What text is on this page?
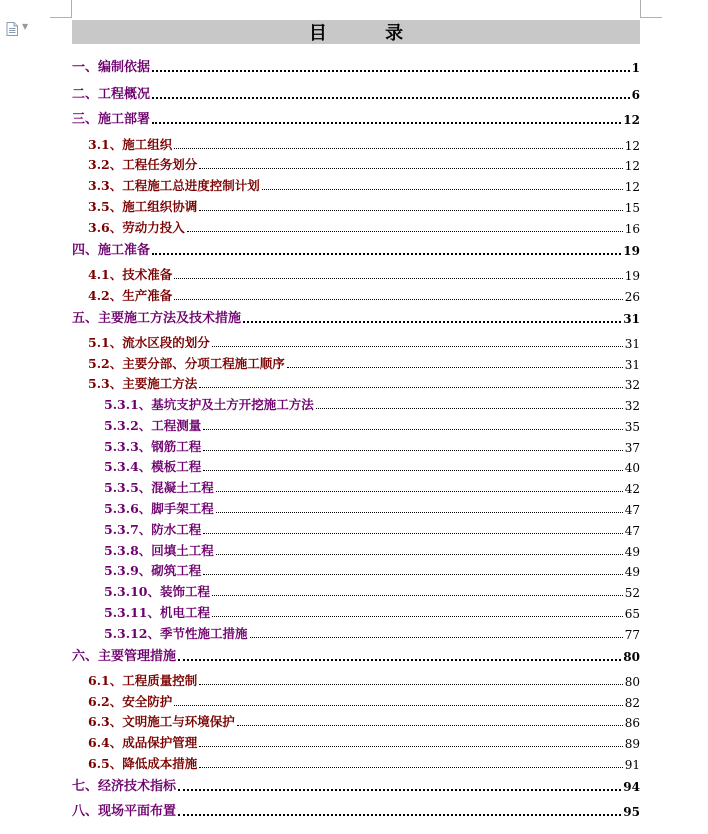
▼	目 录
一、编制依据	1
二、工程概况	6
三、施工部署	12
3.1、施工组织	12
3.2、工程任务划分	12
3.3、工程施工总进度控制计划	12
3.5、施工组织协调	15
3.6、劳动力投入	16
四、施工准备	19
4.1、技术准备	19
4.2、生产准备	26
五、主要施工方法及技术措施	31
5.1、流水区段的划分	31
5.2、主要分部、分项工程施工顺序	31
5.3、主要施工方法	32
5.3.1、基坑支护及土方开挖施工方法	32
5.3.2、工程测量	35
5.3.3、钢筋工程	37
5.3.4、模板工程	40
5.3.5、混凝土工程	42
5.3.6、脚手架工程	47
5.3.7、防水工程	47
5.3.8、回填土工程	49
5.3.9、砌筑工程	49
5.3.10、装饰工程	52
5.3.11、机电工程	65
5.3.12、季节性施工措施	77
六、主要管理措施	80
6.1、工程质量控制	80
6.2、安全防护	82
6.3、文明施工与环境保护	86
6.4、成品保护管理	89
6.5、降低成本措施	91
七、经济技术指标	94
八、现场平面布置	95
